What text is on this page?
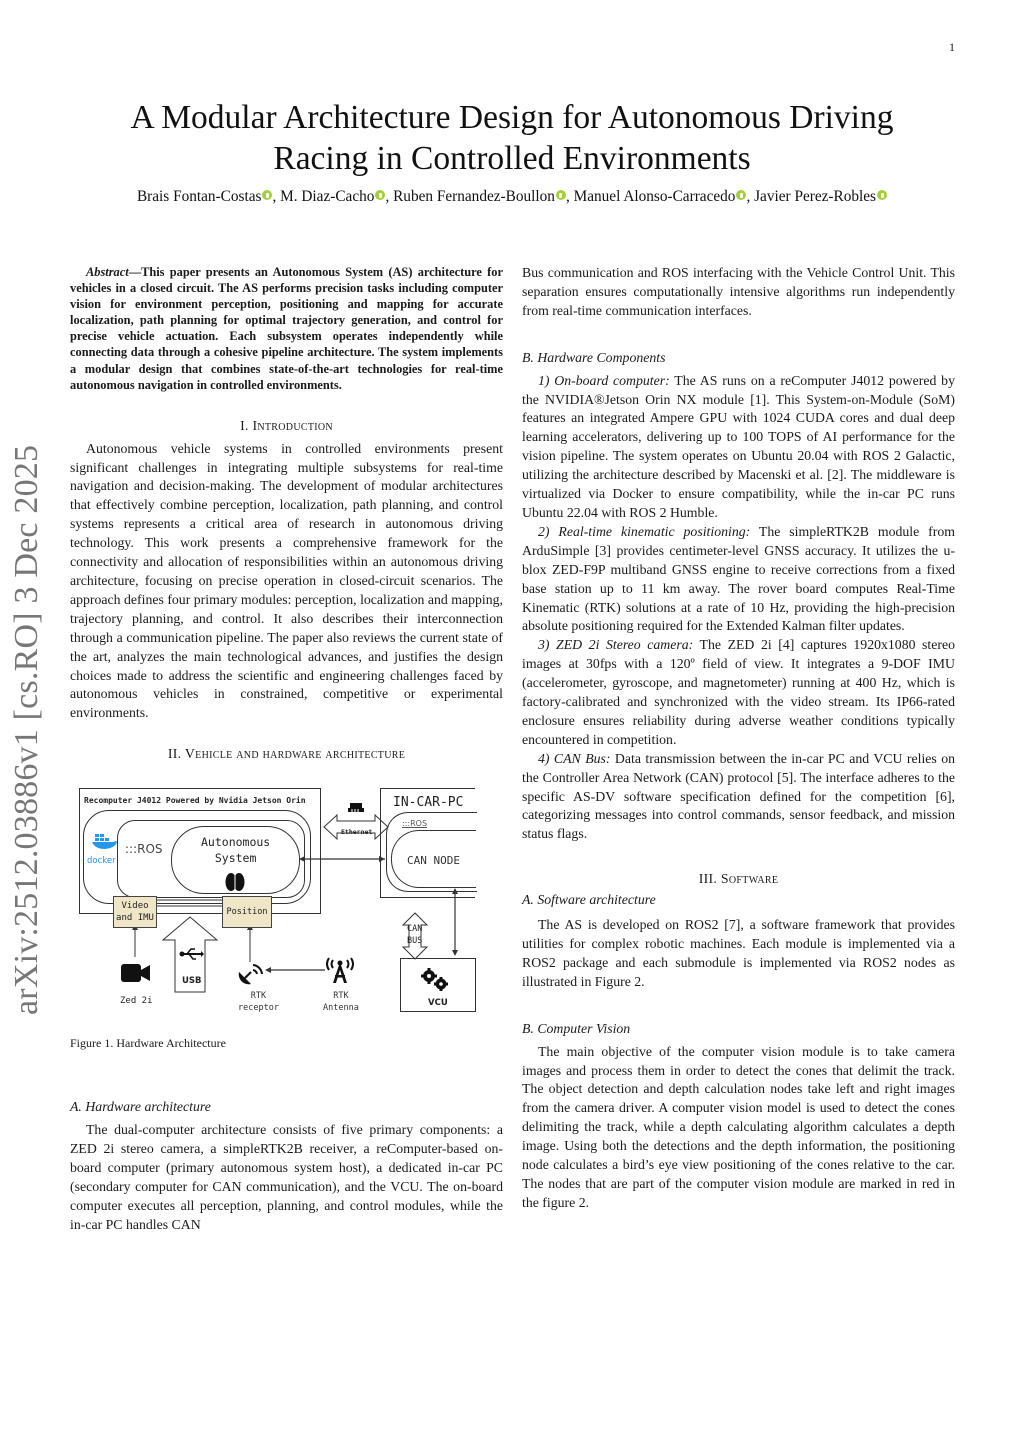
1
arXiv:2512.03886v1 [cs.RO] 3 Dec 2025
A Modular Architecture Design for Autonomous Driving
Racing in Controlled Environments
Brais Fontan-Costas , M. Diaz-Cacho , Ruben Fernandez-Boullon , Manuel Alonso-Carracedo , Javier Perez-Robles

Abstract—This paper presents an Autonomous System (AS) architecture for vehicles in a closed circuit. The AS performs precision tasks including computer vision for environment perception, positioning and mapping for accurate localization, path planning for optimal trajectory generation, and control for precise vehicle actuation. Each subsystem operates independently while connecting data through a cohesive pipeline architecture. The system implements a modular design that combines state-of-the-art technologies for real-time autonomous navigation in controlled environments.

I. Introduction

Autonomous vehicle systems in controlled environments present significant challenges in integrating multiple subsystems for real-time navigation and decision-making. The development of modular architectures that effectively combine perception, localization, path planning, and control systems represents a critical area of research in autonomous driving technology. This work presents a comprehensive framework for the connectivity and allocation of responsibilities within an autonomous driving architecture, focusing on precise operation in closed-circuit scenarios. The approach defines four primary modules: perception, localization and mapping, trajectory planning, and control. It also describes their interconnection through a communication pipeline. The paper also reviews the current state of the art, analyzes the main technological advances, and justifies the design choices made to address the scientific and engineering challenges faced by autonomous vehicles in constrained, competitive or experimental environments.

II. Vehicle and hardware architecture

Recomputer J4012 Powered by Nvidia Jetson Orin
Autonomous
System
docker
:::ROS
Video
and IMU
Position
Ethernet
IN-CAR-PC
:::ROS
CAN NODE
CAN
BUS
VCU
USB
Zed 2i	RTK
receptor
RTK
Antenna

Figure 1. Hardware Architecture

A. Hardware architecture

The dual-computer architecture consists of five primary components: a ZED 2i stereo camera, a simpleRTK2B receiver, a reComputer-based on-board computer (primary autonomous system host), a dedicated in-car PC (secondary computer for CAN communication), and the VCU. The on-board computer executes all perception, planning, and control modules, while the in-car PC handles CAN

Bus communication and ROS interfacing with the Vehicle Control Unit. This separation ensures computationally intensive algorithms run independently from real-time communication interfaces.

B. Hardware Components

1) On-board computer: The AS runs on a reComputer J4012 powered by the NVIDIA®Jetson Orin NX module [1]. This System-on-Module (SoM) features an integrated Ampere GPU with 1024 CUDA cores and dual deep learning accelerators, delivering up to 100 TOPS of AI performance for the vision pipeline. The system operates on Ubuntu 20.04 with ROS 2 Galactic, utilizing the architecture described by Macenski et al. [2]. The middleware is virtualized via Docker to ensure compatibility, while the in-car PC runs Ubuntu 22.04 with ROS 2 Humble.

2) Real-time kinematic positioning: The simpleRTK2B module from ArduSimple [3] provides centimeter-level GNSS accuracy. It utilizes the u-blox ZED-F9P multiband GNSS engine to receive corrections from a fixed base station up to 11 km away. The rover board computes Real-Time Kinematic (RTK) solutions at a rate of 10 Hz, providing the high-precision absolute positioning required for the Extended Kalman filter updates.

3) ZED 2i Stereo camera: The ZED 2i [4] captures 1920x1080 stereo images at 30fps with a 120º field of view. It integrates a 9-DOF IMU (accelerometer, gyroscope, and magnetometer) running at 400 Hz, which is factory-calibrated and synchronized with the video stream. Its IP66-rated enclosure ensures reliability during adverse weather conditions typically encountered in competition.

4) CAN Bus: Data transmission between the in-car PC and VCU relies on the Controller Area Network (CAN) protocol [5]. The interface adheres to the specific AS-DV software specification defined for the competition [6], categorizing messages into control commands, sensor feedback, and mission status flags.

III. Software

A. Software architecture

The AS is developed on ROS2 [7], a software framework that provides utilities for complex robotic machines. Each module is implemented via a ROS2 package and each submodule is implemented via ROS2 nodes as illustrated in Figure 2.

B. Computer Vision

The main objective of the computer vision module is to take camera images and process them in order to detect the cones that delimit the track. The object detection and depth calculation nodes take left and right images from the camera driver. A computer vision model is used to detect the cones delimiting the track, while a depth calculating algorithm calculates a depth image. Using both the detections and the depth information, the positioning node calculates a bird’s eye view positioning of the cones relative to the car. The nodes that are part of the computer vision module are marked in red in the figure 2.
